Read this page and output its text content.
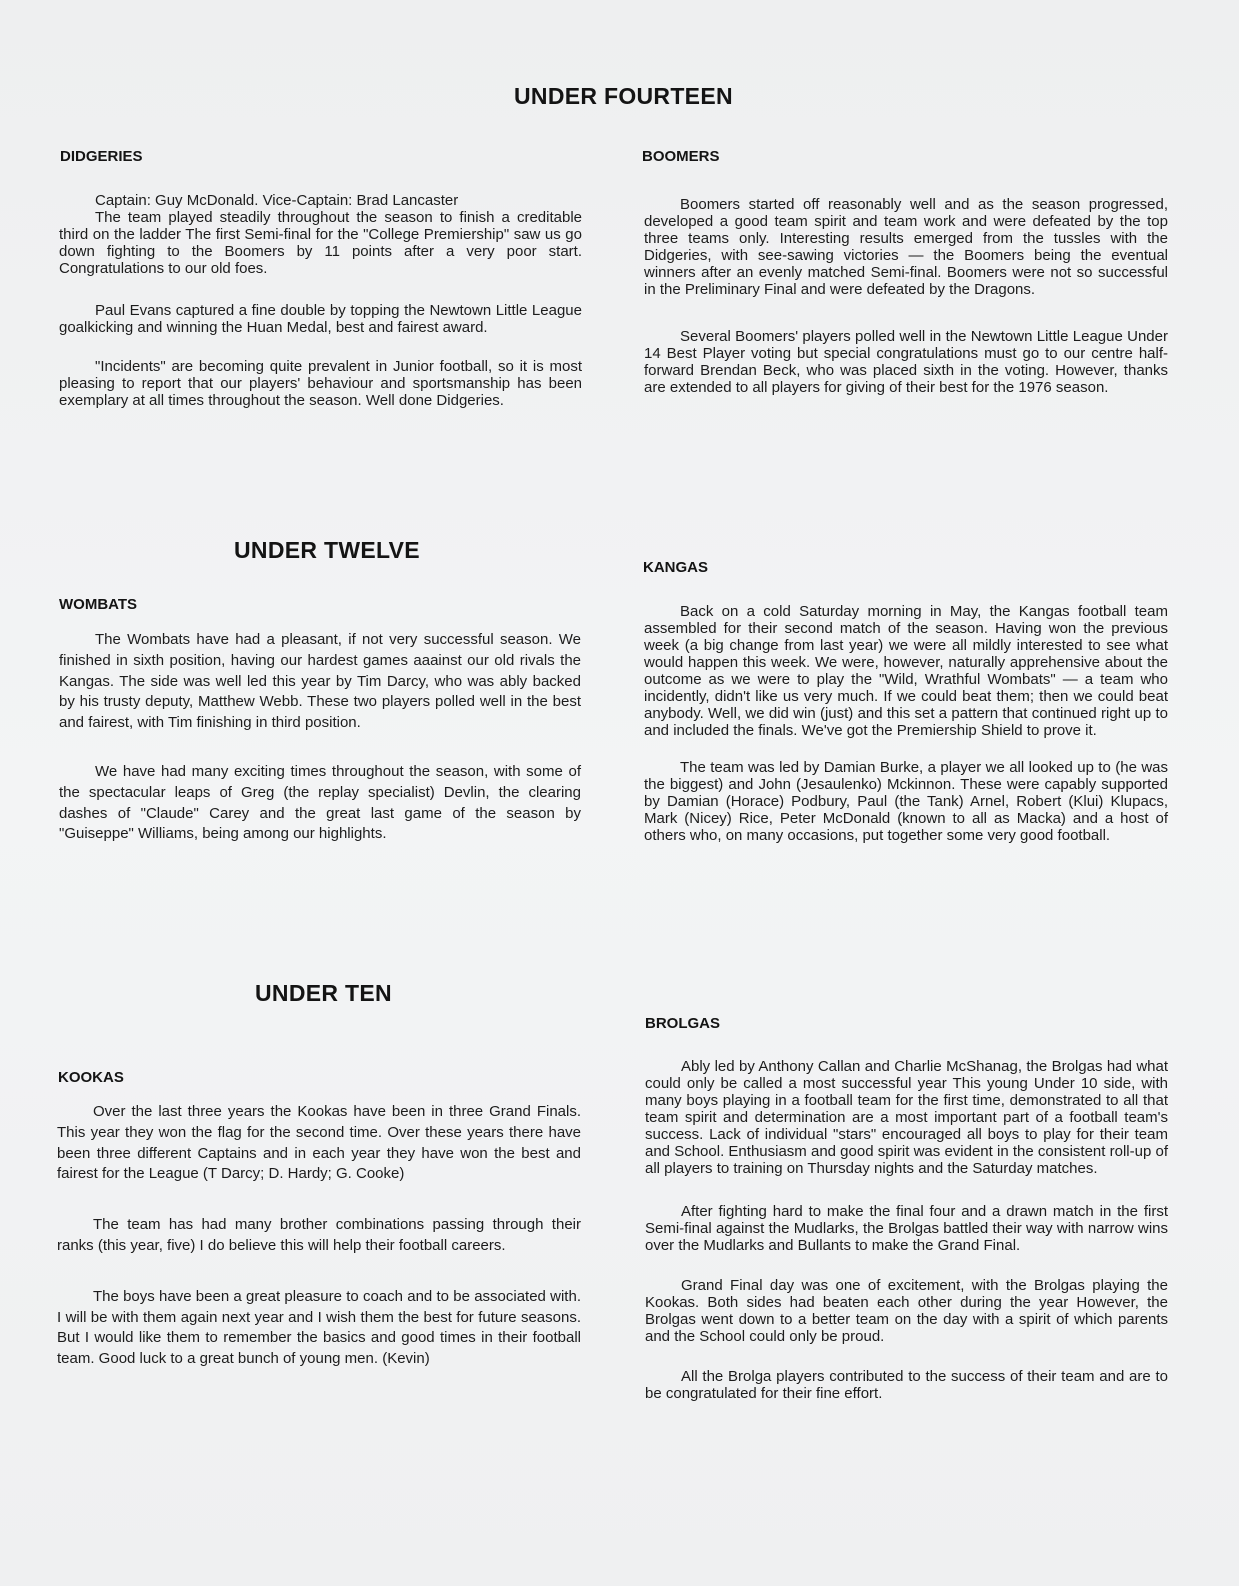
UNDER FOURTEEN
DIDGERIES

Captain: Guy McDonald. Vice-Captain: Brad Lancaster

The team played steadily throughout the season to finish a creditable third on the ladder The first Semi-final for the "College Premiership" saw us go down fighting to the Boomers by 11 points after a very poor start. Congratulations to our old foes.

Paul Evans captured a fine double by topping the Newtown Little League goalkicking and winning the Huan Medal, best and fairest award.

"Incidents" are becoming quite prevalent in Junior football, so it is most pleasing to report that our players' behaviour and sportsmanship has been exemplary at all times throughout the season. Well done Didgeries.

BOOMERS

Boomers started off reasonably well and as the season progressed, developed a good team spirit and team work and were defeated by the top three teams only. Interesting results emerged from the tussles with the Didgeries, with see-sawing victories — the Boomers being the eventual winners after an evenly matched Semi-final. Boomers were not so successful in the Preliminary Final and were defeated by the Dragons.

Several Boomers' players polled well in the Newtown Little League Under 14 Best Player voting but special congratulations must go to our centre half-forward Brendan Beck, who was placed sixth in the voting. However, thanks are extended to all players for giving of their best for the 1976 season.

UNDER TWELVE
WOMBATS

The Wombats have had a pleasant, if not very successful season. We finished in sixth position, having our hardest games aaainst our old rivals the Kangas. The side was well led this year by Tim Darcy, who was ably backed by his trusty deputy, Matthew Webb. These two players polled well in the best and fairest, with Tim finishing in third position.

We have had many exciting times throughout the season, with some of the spectacular leaps of Greg (the replay specialist) Devlin, the clearing dashes of "Claude" Carey and the great last game of the season by "Guiseppe" Williams, being among our highlights.

KANGAS

Back on a cold Saturday morning in May, the Kangas football team assembled for their second match of the season. Having won the previous week (a big change from last year) we were all mildly interested to see what would happen this week. We were, however, naturally apprehensive about the outcome as we were to play the "Wild, Wrathful Wombats" — a team who incidently, didn't like us very much. If we could beat them; then we could beat anybody. Well, we did win (just) and this set a pattern that continued right up to and included the finals. We've got the Premiership Shield to prove it.

The team was led by Damian Burke, a player we all looked up to (he was the biggest) and John (Jesaulenko) Mckinnon. These were capably supported by Damian (Horace) Podbury, Paul (the Tank) Arnel, Robert (Klui) Klupacs, Mark (Nicey) Rice, Peter McDonald (known to all as Macka) and a host of others who, on many occasions, put together some very good football.

UNDER TEN
KOOKAS

Over the last three years the Kookas have been in three Grand Finals. This year they won the flag for the second time. Over these years there have been three different Captains and in each year they have won the best and fairest for the League (T Darcy; D. Hardy; G. Cooke)

The team has had many brother combinations passing through their ranks (this year, five) I do believe this will help their football careers.

The boys have been a great pleasure to coach and to be associated with. I will be with them again next year and I wish them the best for future seasons. But I would like them to remember the basics and good times in their football team. Good luck to a great bunch of young men. (Kevin)

BROLGAS

Ably led by Anthony Callan and Charlie McShanag, the Brolgas had what could only be called a most successful year This young Under 10 side, with many boys playing in a football team for the first time, demonstrated to all that team spirit and determination are a most important part of a football team's success. Lack of individual "stars" encouraged all boys to play for their team and School. Enthusiasm and good spirit was evident in the consistent roll-up of all players to training on Thursday nights and the Saturday matches.

After fighting hard to make the final four and a drawn match in the first Semi-final against the Mudlarks, the Brolgas battled their way with narrow wins over the Mudlarks and Bullants to make the Grand Final.

Grand Final day was one of excitement, with the Brolgas playing the Kookas. Both sides had beaten each other during the year However, the Brolgas went down to a better team on the day with a spirit of which parents and the School could only be proud.

All the Brolga players contributed to the success of their team and are to be congratulated for their fine effort.
